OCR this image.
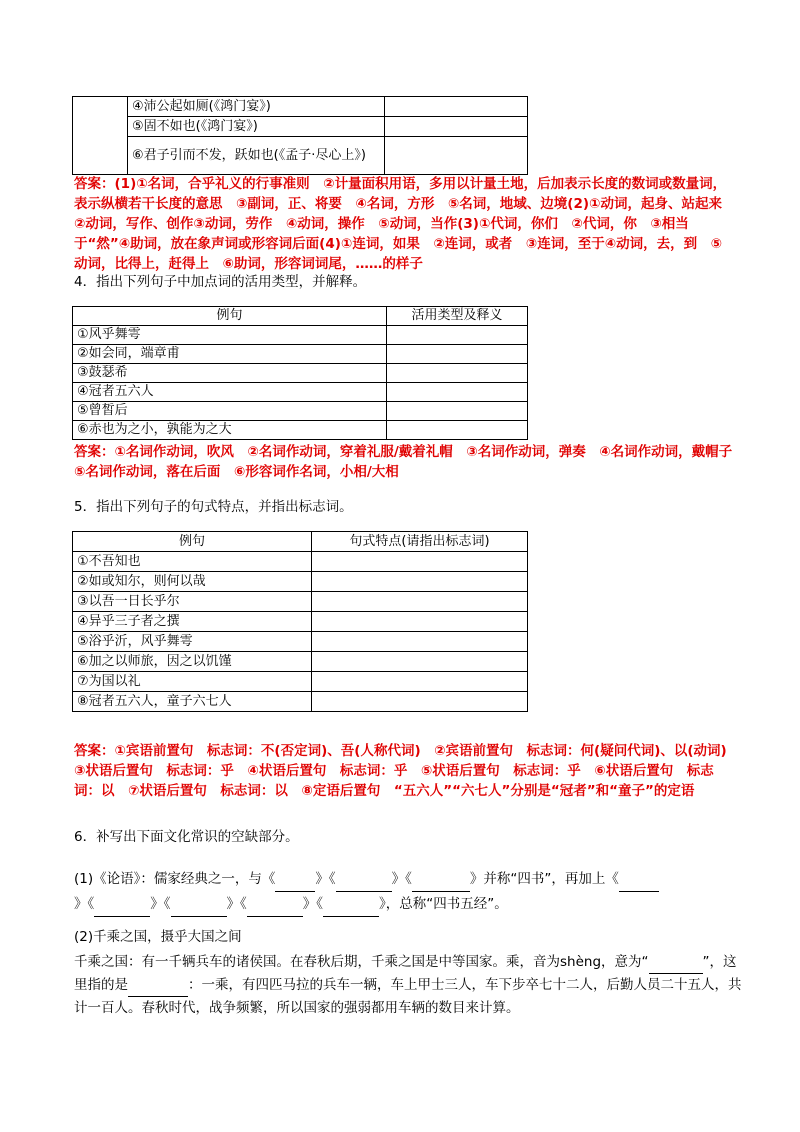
	④沛公起如厕(《鸿门宴》)	
	⑤固不如也(《鸿门宴》)	
	⑥君子引而不发，跃如也(《孟子·尽心上》)	
答案：(1)①名词，合乎礼义的行事准则　②计量面积用语，多用以计量土地，后加表示长度的数词或数量词，表示纵横若干长度的意思　③副词，正、将要　④名词，方形　⑤名词，地域、边境(2)①动词，起身、站起来　②动词，写作、创作③动词，劳作　④动词，操作　⑤动词，当作(3)①代词，你们　②代词，你　③相当于“然”④助词，放在象声词或形容词后面(4)①连词，如果　②连词，或者　③连词，至于④动词，去，到　⑤动词，比得上，赶得上　⑥助词，形容词词尾，……的样子
4．指出下列句子中加点词的活用类型，并解释。
例句	活用类型及释义
①风乎舞雩	
②如会同，端章甫	
③鼓瑟希	
④冠者五六人	
⑤曾皙后	
⑥赤也为之小，孰能为之大	
答案：①名词作动词，吹风　②名词作动词，穿着礼服/戴着礼帽　③名词作动词，弹奏　④名词作动词，戴帽子　⑤名词作动词，落在后面　⑥形容词作名词，小相/大相
5．指出下列句子的句式特点，并指出标志词。
例句	句式特点(请指出标志词)
①不吾知也	
②如或知尔，则何以哉	
③以吾一日长乎尔	
④异乎三子者之撰	
⑤浴乎沂，风乎舞雩	
⑥加之以师旅，因之以饥馑	
⑦为国以礼	
⑧冠者五六人，童子六七人	
答案：①宾语前置句　标志词：不(否定词)、吾(人称代词)　②宾语前置句　标志词：何(疑问代词)、以(动词)　③状语后置句　标志词：乎　④状语后置句　标志词：乎　⑤状语后置句　标志词：乎　⑥状语后置句　标志词：以　⑦状语后置句　标志词：以　⑧定语后置句　“五六人”“六七人”分别是“冠者”和“童子”的定语
6．补写出下面文化常识的空缺部分。
(1)《论语》：儒家经典之一，与《	》《	》《	》并称“四书”，再加上《
》《	》《	》《	》《	》，总称“四书五经”。
(2)千乘之国，摄乎大国之间
千乘之国：有一千辆兵车的诸侯国。在春秋后期，千乘之国是中等国家。乘，音为shèng，意为“	”，这里指的是	：一乘，有四匹马拉的兵车一辆，车上甲士三人，车下步卒七十二人，后勤人员二十五人，共计一百人。春秋时代，战争频繁，所以国家的强弱都用车辆的数目来计算。
